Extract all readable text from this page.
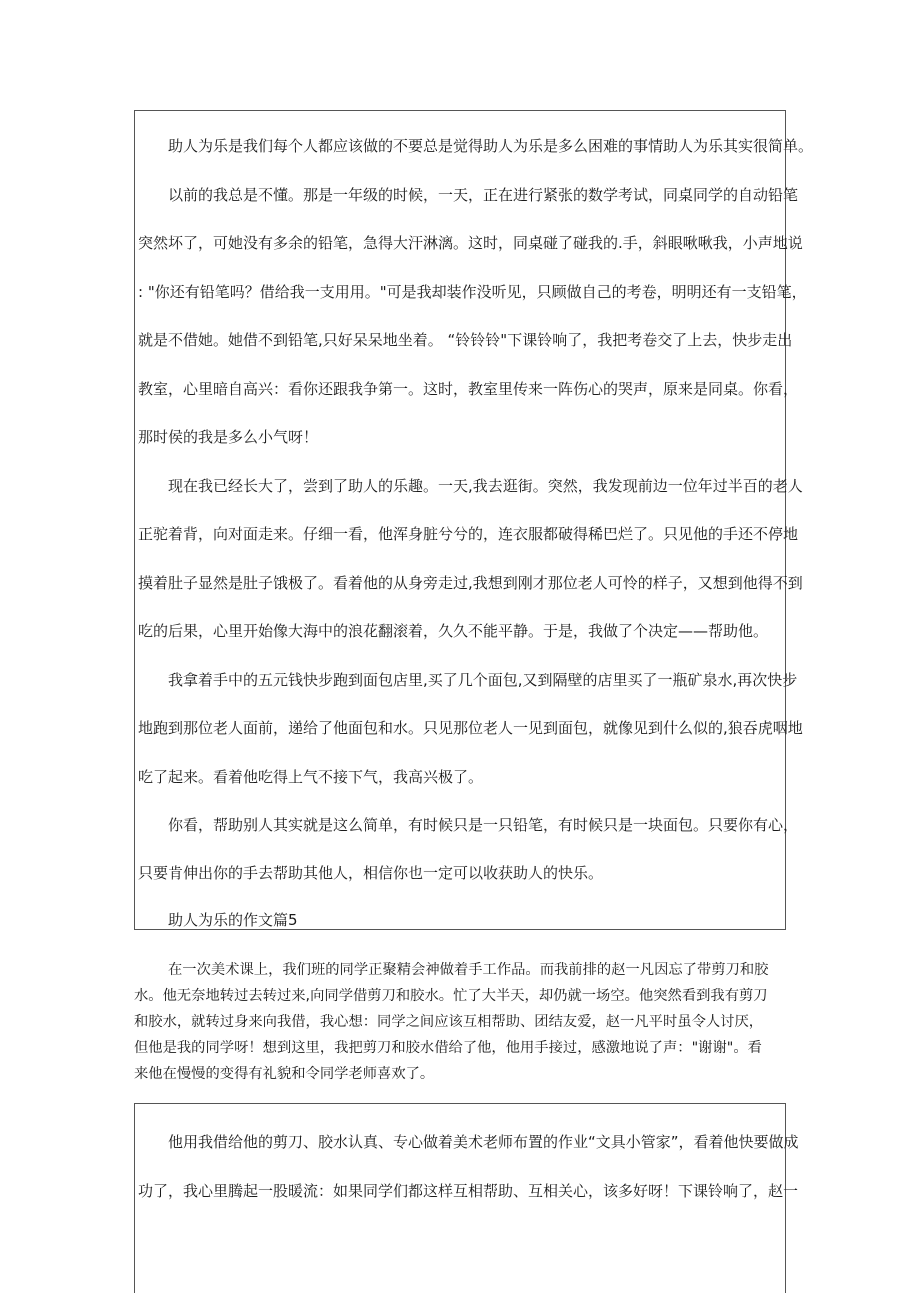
助人为乐是我们每个人都应该做的不要总是觉得助人为乐是多么困难的事情助人为乐其实很简单。
以前的我总是不懂。那是一年级的时候，一天，正在进行紧张的数学考试，同桌同学的自动铅笔
突然坏了，可她没有多余的铅笔，急得大汗淋漓。这时，同桌碰了碰我的.手，斜眼啾啾我，小声地说
: "你还有铅笔吗？借给我一支用用。"可是我却装作没听见，只顾做自己的考卷，明明还有一支铅笔，
就是不借她。她借不到铅笔,只好呆呆地坐着。 “铃铃铃"下课铃响了，我把考卷交了上去，快步走出
教室，心里暗自高兴：看你还跟我争第一。这时，教室里传来一阵伤心的哭声，原来是同桌。你看，
那时侯的我是多么小气呀！
现在我已经长大了，尝到了助人的乐趣。一天,我去逛街。突然，我发现前边一位年过半百的老人
正驼着背，向对面走来。仔细一看，他浑身脏兮兮的，连衣服都破得稀巴烂了。只见他的手还不停地
摸着肚子显然是肚子饿极了。看着他的从身旁走过,我想到刚才那位老人可怜的样子，又想到他得不到
吃的后果，心里开始像大海中的浪花翻滚着，久久不能平静。于是，我做了个决定——帮助他。
我拿着手中的五元钱快步跑到面包店里,买了几个面包,又到隔壁的店里买了一瓶矿泉水,再次快步
地跑到那位老人面前，递给了他面包和水。只见那位老人一见到面包，就像见到什么似的,狼吞虎咽地
吃了起来。看着他吃得上气不接下气，我高兴极了。
你看，帮助别人其实就是这么简单，有时候只是一只铅笔，有时候只是一块面包。只要你有心，
只要肯伸出你的手去帮助其他人，相信你也一定可以收获助人的快乐。
助人为乐的作文篇5
在一次美术课上，我们班的同学正聚精会神做着手工作品。而我前排的赵一凡因忘了带剪刀和胶
水。他无奈地转过去转过来,向同学借剪刀和胶水。忙了大半天，却仍就一场空。他突然看到我有剪刀
和胶水，就转过身来向我借，我心想：同学之间应该互相帮助、团结友爱，赵一凡平时虽令人讨厌，
但他是我的同学呀！想到这里，我把剪刀和胶水借给了他，他用手接过，感激地说了声："谢谢"。看
来他在慢慢的变得有礼貌和令同学老师喜欢了。
他用我借给他的剪刀、胶水认真、专心做着美术老师布置的作业“文具小管家”，看着他快要做成
功了，我心里腾起一股暖流：如果同学们都这样互相帮助、互相关心，该多好呀！下课铃响了，赵一
